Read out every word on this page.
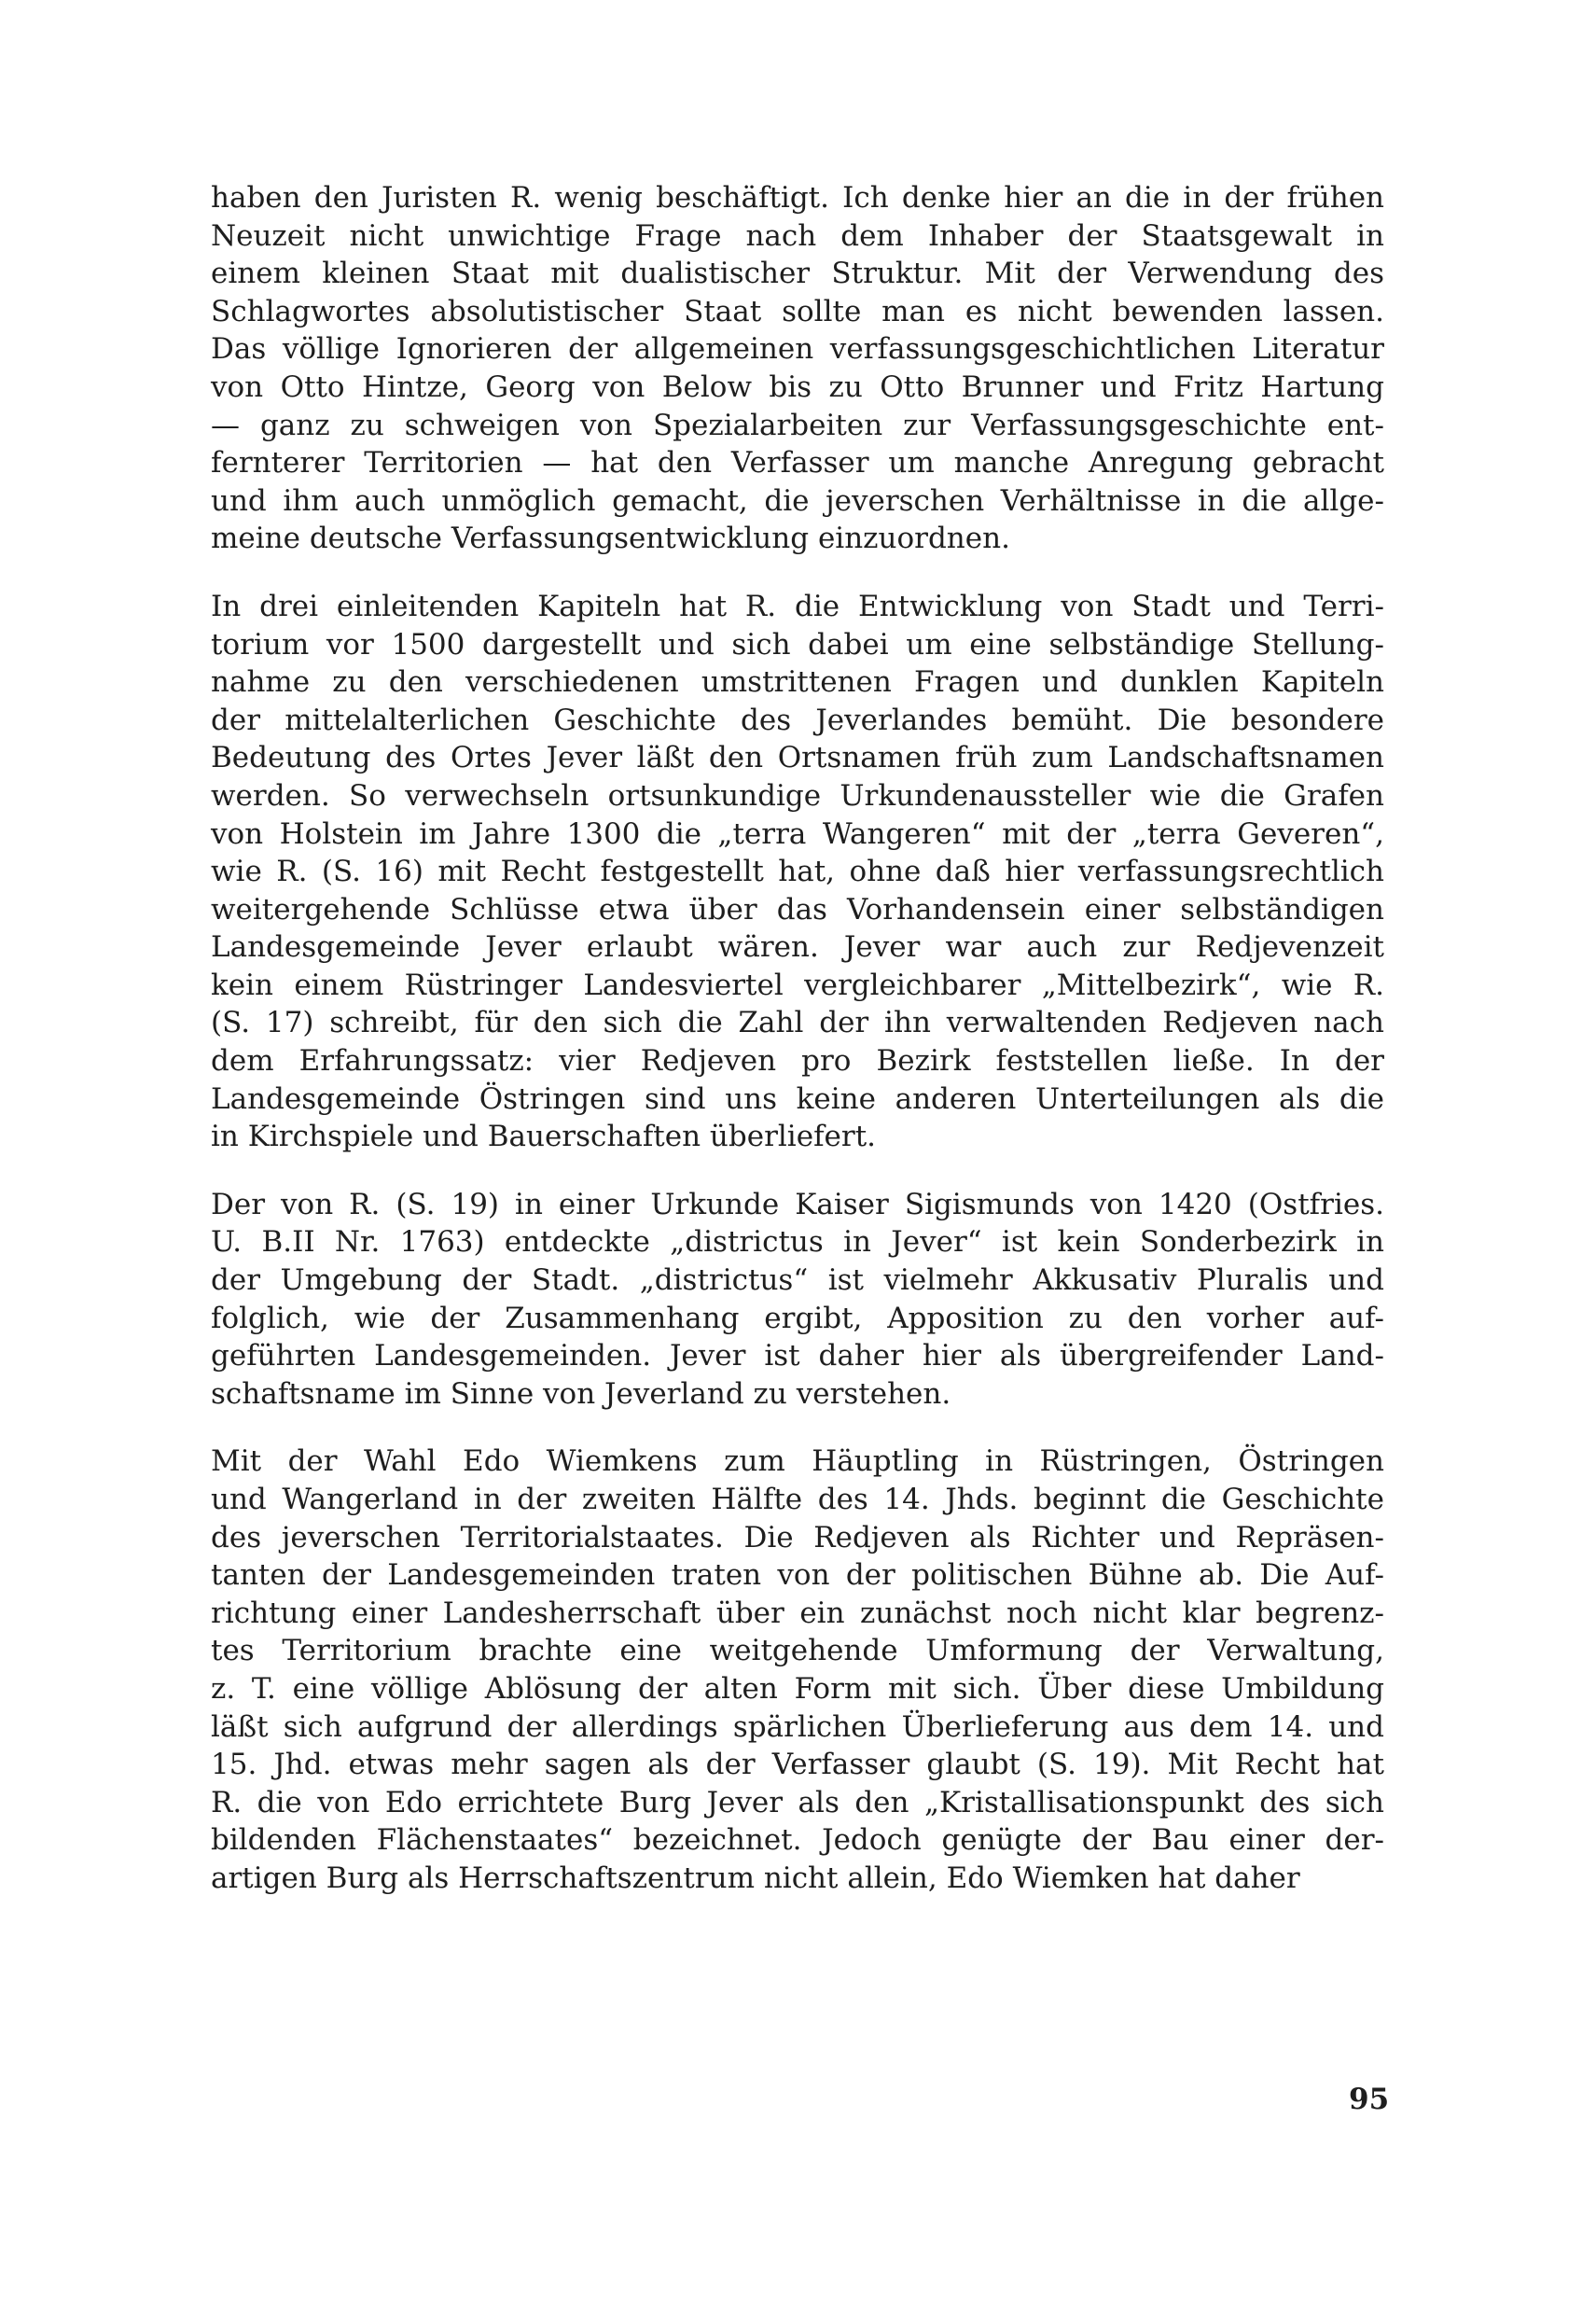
haben den Juristen R. wenig beschäftigt. Ich denke hier an die in der frühen
Neuzeit nicht unwichtige Frage nach dem Inhaber der Staatsgewalt in
einem kleinen Staat mit dualistischer Struktur. Mit der Verwendung des
Schlagwortes absolutistischer Staat sollte man es nicht bewenden lassen.
Das völlige Ignorieren der allgemeinen verfassungsgeschichtlichen Literatur
von Otto Hintze, Georg von Below bis zu Otto Brunner und Fritz Hartung
— ganz zu schweigen von Spezialarbeiten zur Verfassungsgeschichte ent-
fernterer Territorien — hat den Verfasser um manche Anregung gebracht
und ihm auch unmöglich gemacht, die jeverschen Verhältnisse in die allge-
meine deutsche Verfassungsentwicklung einzuordnen.
In drei einleitenden Kapiteln hat R. die Entwicklung von Stadt und Terri-
torium vor 1500 dargestellt und sich dabei um eine selbständige Stellung-
nahme zu den verschiedenen umstrittenen Fragen und dunklen Kapiteln
der mittelalterlichen Geschichte des Jeverlandes bemüht. Die besondere
Bedeutung des Ortes Jever läßt den Ortsnamen früh zum Landschaftsnamen
werden. So verwechseln ortsunkundige Urkundenaussteller wie die Grafen
von Holstein im Jahre 1300 die „terra Wangeren“ mit der „terra Geveren“,
wie R. (S. 16) mit Recht festgestellt hat, ohne daß hier verfassungsrechtlich
weitergehende Schlüsse etwa über das Vorhandensein einer selbständigen
Landesgemeinde Jever erlaubt wären. Jever war auch zur Redjevenzeit
kein einem Rüstringer Landesviertel vergleichbarer „Mittelbezirk“, wie R.
(S. 17) schreibt, für den sich die Zahl der ihn verwaltenden Redjeven nach
dem Erfahrungssatz: vier Redjeven pro Bezirk feststellen ließe. In der
Landesgemeinde Östringen sind uns keine anderen Unterteilungen als die
in Kirchspiele und Bauerschaften überliefert.
Der von R. (S. 19) in einer Urkunde Kaiser Sigismunds von 1420 (Ostfries.
U. B.II Nr. 1763) entdeckte „districtus in Jever“ ist kein Sonderbezirk in
der Umgebung der Stadt. „districtus“ ist vielmehr Akkusativ Pluralis und
folglich, wie der Zusammenhang ergibt, Apposition zu den vorher auf-
geführten Landesgemeinden. Jever ist daher hier als übergreifender Land-
schaftsname im Sinne von Jeverland zu verstehen.
Mit der Wahl Edo Wiemkens zum Häuptling in Rüstringen, Östringen
und Wangerland in der zweiten Hälfte des 14. Jhds. beginnt die Geschichte
des jeverschen Territorialstaates. Die Redjeven als Richter und Repräsen-
tanten der Landesgemeinden traten von der politischen Bühne ab. Die Auf-
richtung einer Landesherrschaft über ein zunächst noch nicht klar begrenz-
tes Territorium brachte eine weitgehende Umformung der Verwaltung,
z. T. eine völlige Ablösung der alten Form mit sich. Über diese Umbildung
läßt sich aufgrund der allerdings spärlichen Überlieferung aus dem 14. und
15. Jhd. etwas mehr sagen als der Verfasser glaubt (S. 19). Mit Recht hat
R. die von Edo errichtete Burg Jever als den „Kristallisationspunkt des sich
bildenden Flächenstaates“ bezeichnet. Jedoch genügte der Bau einer der-
artigen Burg als Herrschaftszentrum nicht allein, Edo Wiemken hat daher
95
